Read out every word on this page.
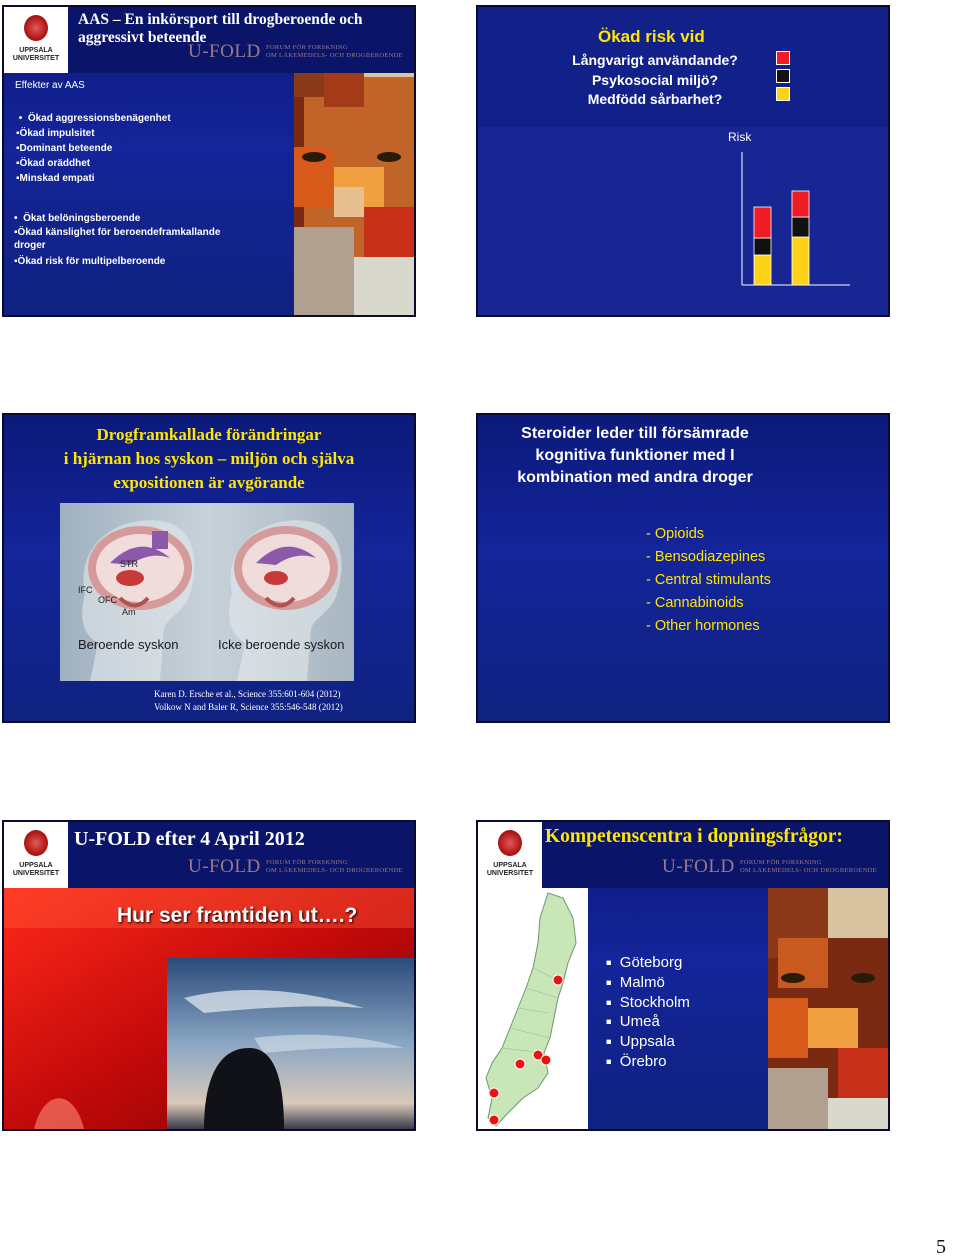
UPPSALA
UNIVERSITET
AAS – En inkörsport till drogberoende och aggressivt beteende
U-FOLD FORUM FÖR FORSKNING
OM LÄKEMEDELS- OCH DROGBEROENDE
Effekter av AAS
•  Ökad aggressionsbenägenhet
▪Ökad impulsitet
▪Dominant beteende
▪Ökad oräddhet
▪Minskad empati
•  Ökat belöningsberoende
▪Ökad känslighet för beroendeframkallande droger
▪Ökad risk för multipelberoende
Ökad risk vid
Långvarigt användande?
Psykosocial miljö?
Medfödd sårbarhet?
Risk
Drogframkallade förändringar
i hjärnan hos syskon – miljön och själva
expositionen är avgörande
STR
IFC
OFC
Am
Beroende syskon	Icke beroende syskon
Karen D. Ersche et al., Science 355:601-604 (2012)
Volkow N and Baler R, Science 355:546-548 (2012)
Steroider leder till försämrade kognitiva funktioner med I kombination med andra droger
- Opioids
- Bensodiazepines
- Central stimulants
- Cannabinoids
- Other hormones
UPPSALA
UNIVERSITET
U-FOLD efter 4 April 2012
U-FOLD FORUM FÖR FORSKNING
OM LÄKEMEDELS- OCH DROGBEROENDE
Hur ser framtiden ut….?
UPPSALA
UNIVERSITET
Kompetenscentra i dopningsfrågor:
U-FOLD FORUM FÖR FORSKNING
OM LÄKEMEDELS- OCH DROGBEROENDE
■ Göteborg
■ Malmö
■ Stockholm
■ Umeå
■ Uppsala
■ Örebro
5
